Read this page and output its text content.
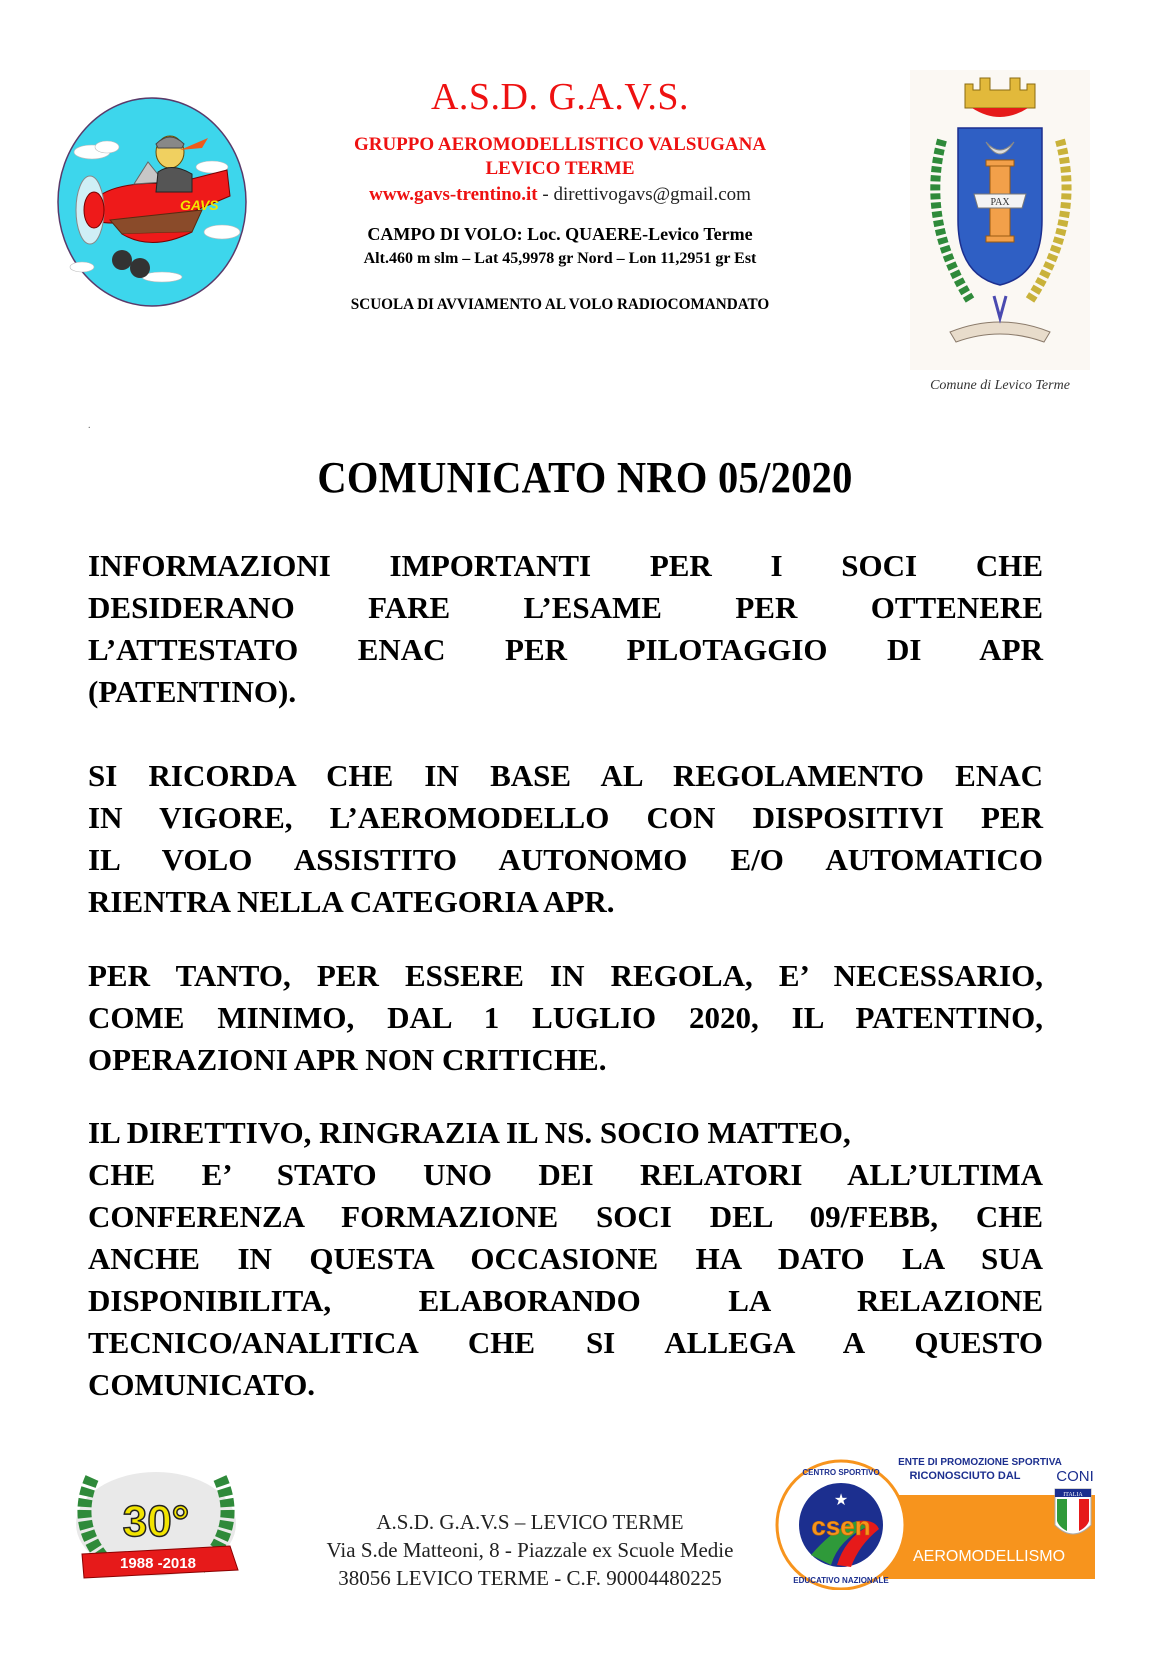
GAVS
A.S.D. G.A.V.S.
GRUPPO AEROMODELLISTICO VALSUGANA
LEVICO TERME
www.gavs-trentino.it - direttivogavs@gmail.com
CAMPO DI VOLO: Loc. QUAERE-Levico Terme
Alt.460 m slm – Lat 45,9978 gr Nord – Lon 11,2951 gr Est
SCUOLA DI AVVIAMENTO AL VOLO RADIOCOMANDATO
.
PAX
Comune di Levico Terme
COMUNICATO NRO 05/2020
INFORMAZIONI IMPORTANTI PER I SOCI CHE
DESIDERANO FARE L’ESAME PER OTTENERE
L’ATTESTATO ENAC PER PILOTAGGIO DI APR
(PATENTINO).
SI RICORDA CHE IN BASE AL REGOLAMENTO ENAC
IN VIGORE, L’AEROMODELLO CON DISPOSITIVI PER
IL VOLO ASSISTITO AUTONOMO E/O AUTOMATICO
RIENTRA NELLA CATEGORIA APR.
PER TANTO, PER ESSERE IN REGOLA, E’ NECESSARIO,
COME MINIMO, DAL 1 LUGLIO 2020, IL PATENTINO,
OPERAZIONI APR NON CRITICHE.
IL DIRETTIVO, RINGRAZIA IL NS. SOCIO MATTEO,
CHE E’ STATO UNO DEI RELATORI ALL’ULTIMA
CONFERENZA FORMAZIONE SOCI DEL 09/FEBB, CHE
ANCHE IN QUESTA OCCASIONE HA DATO LA SUA
DISPONIBILITA, ELABORANDO LA RELAZIONE
TECNICO/ANALITICA CHE SI ALLEGA A QUESTO
COMUNICATO.
30°
1988 -2018
A.S.D. G.A.V.S – LEVICO TERME
Via S.de Matteoni, 8 - Piazzale ex Scuole Medie
38056 LEVICO TERME - C.F. 90004480225
ENTE DI PROMOZIONE SPORTIVA
RICONOSCIUTO DAL CONI
ITALIA
AEROMODELLISMO
★
csen
CENTRO SPORTIVO
EDUCATIVO NAZIONALE
